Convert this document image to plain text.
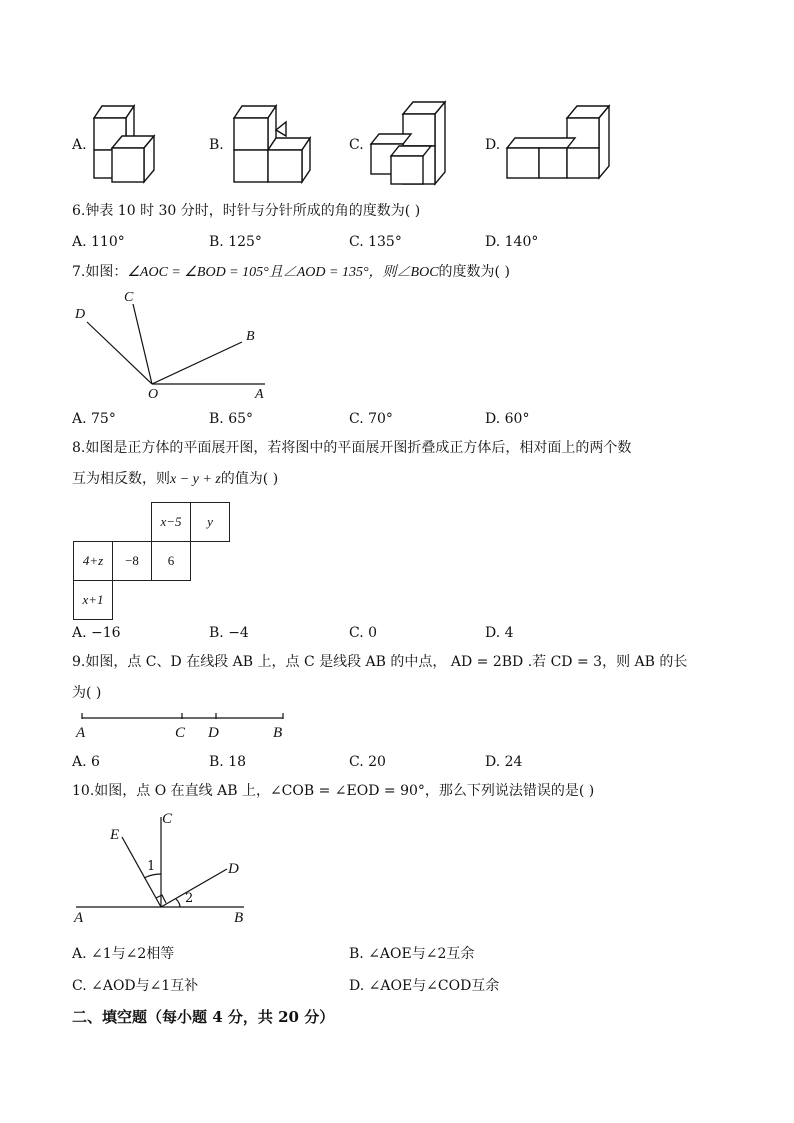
A.	B.	C.	D.
6.钟表 10 时 30 分时，时针与分针所成的角的度数为( )
A. 110°	B. 125°	C. 135°	D. 140°
7.如图：∠AOC = ∠BOD = 105°且∠AOD = 135°，则∠BOC的度数为( )
C
D
B
O	A
A. 75°	B. 65°	C. 70°	D. 60°
8.如图是正方体的平面展开图，若将图中的平面展开图折叠成正方体后，相对面上的两个数
互为相反数，则x − y + z的值为( )
		x−5	y
4+z	−8	6	
x+1			
A. −16	B. −4	C. 0	D. 4
9.如图，点 C、D 在线段 AB 上，点 C 是线段 AB 的中点， AD = 2BD .若 CD = 3，则 AB 的长
为( )
A	C D	B
A. 6	B. 18	C. 20	D. 24
10.如图，点 O 在直线 AB 上，∠COB = ∠EOD = 90°，那么下列说法错误的是( )
C
E
D
1
2
A	B
A. ∠1与∠2相等	B. ∠AOE与∠2互余
C. ∠AOD与∠1互补	D. ∠AOE与∠COD互余
二、填空题（每小题 4 分，共 20 分）
